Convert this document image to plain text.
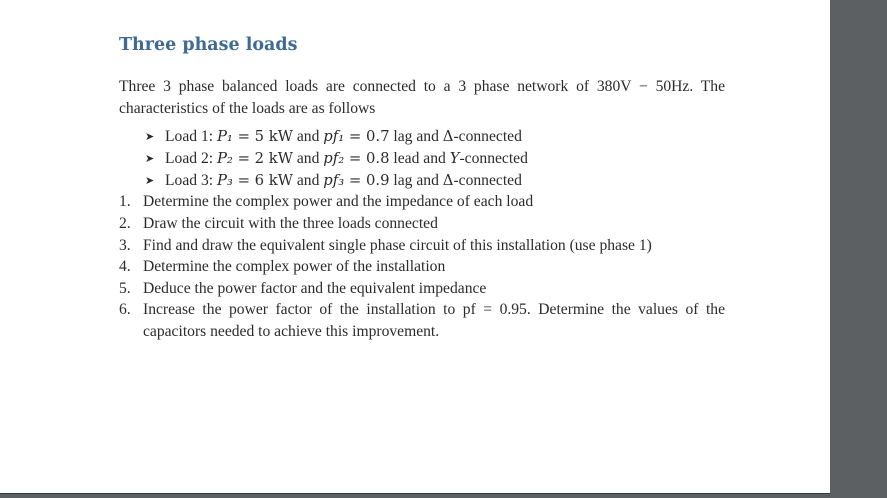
Three phase loads

Three 3 phase balanced loads are connected to a 3 phase network of 380V − 50Hz. The characteristics of the loads are as follows

➤ Load 1: P₁ = 5 kW and pf₁ = 0.7 lag and Δ-connected
➤ Load 2: P₂ = 2 kW and pf₂ = 0.8 lead and Y-connected
➤ Load 3: P₃ = 6 kW and pf₃ = 0.9 lag and Δ-connected
1. Determine the complex power and the impedance of each load
2. Draw the circuit with the three loads connected
3. Find and draw the equivalent single phase circuit of this installation (use phase 1)
4. Determine the complex power of the installation
5. Deduce the power factor and the equivalent impedance
6. Increase the power factor of the installation to pf = 0.95. Determine the values of the capacitors needed to achieve this improvement.
